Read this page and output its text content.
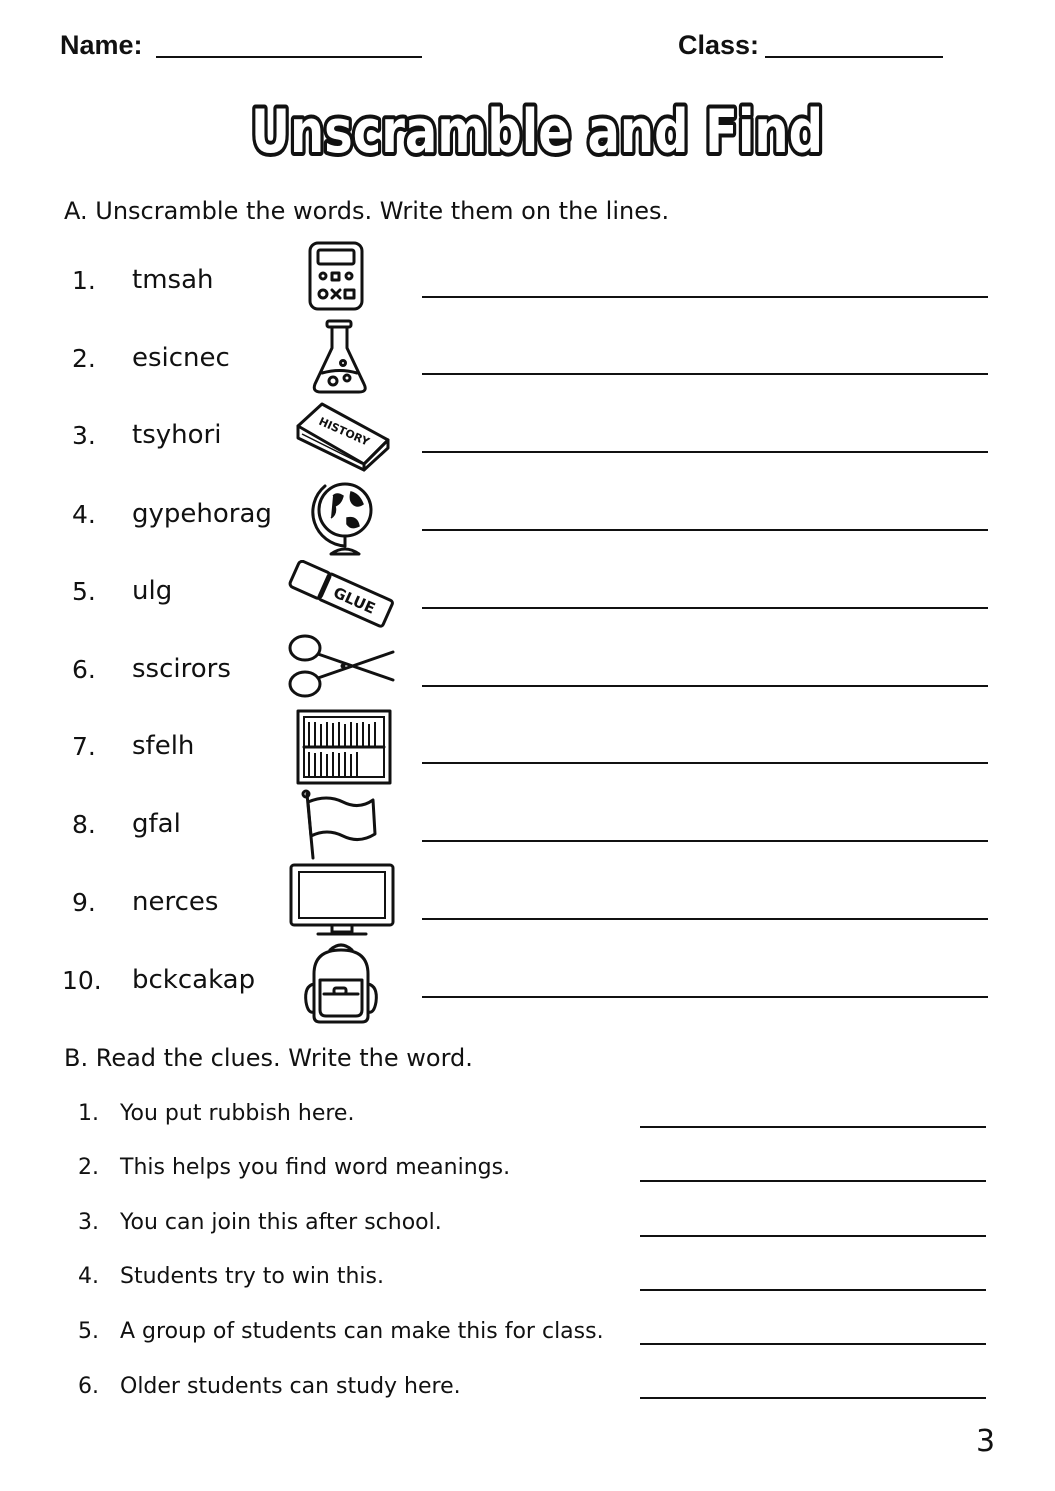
Name:	Class:
Unscramble and Find
A. Unscramble the words. Write them on the lines.
1. tmsah
2. esicnec
3. tsyhori	HISTORY
4. gypehorag
5. ulg	GLUE
6. sscirors
7. sfelh
8. gfal
9. nerces
10. bckcakap
B. Read the clues. Write the word.
1. You put rubbish here.
2. This helps you find word meanings.
3. You can join this after school.
4. Students try to win this.
5. A group of students can make this for class.
6. Older students can study here.
3
